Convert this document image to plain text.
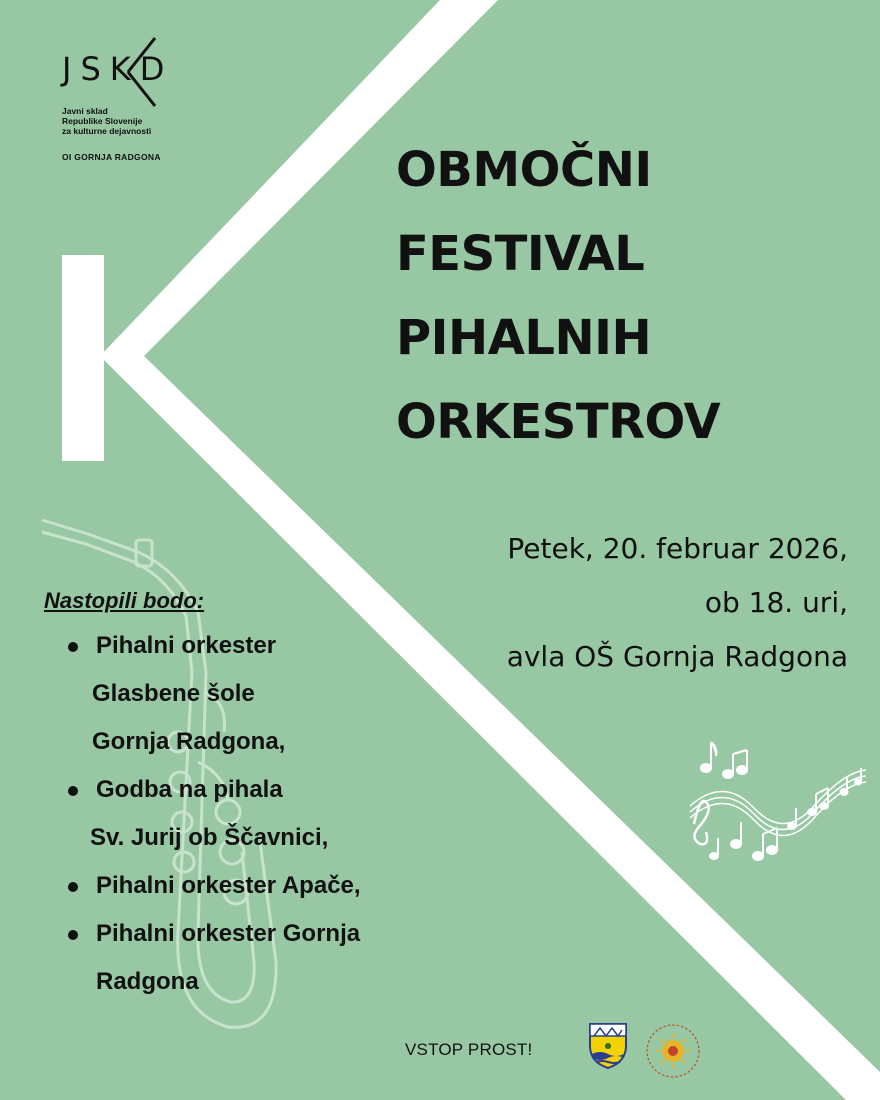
JSKD
Javni sklad
Republike Slovenije
za kulturne dejavnosti
OI GORNJA RADGONA	OBMOČNI
FESTIVAL
PIHALNIH
ORKESTROV
Petek, 20. februar 2026,
ob 18. uri,
avla OŠ Gornja Radgona
Nastopili bodo:
Pihalni orkester
Glasbene šole
Gornja Radgona,
Godba na pihala
Sv. Jurij ob Ščavnici,
Pihalni orkester Apače,
Pihalni orkester Gornja
Radgona
VSTOP PROST!
